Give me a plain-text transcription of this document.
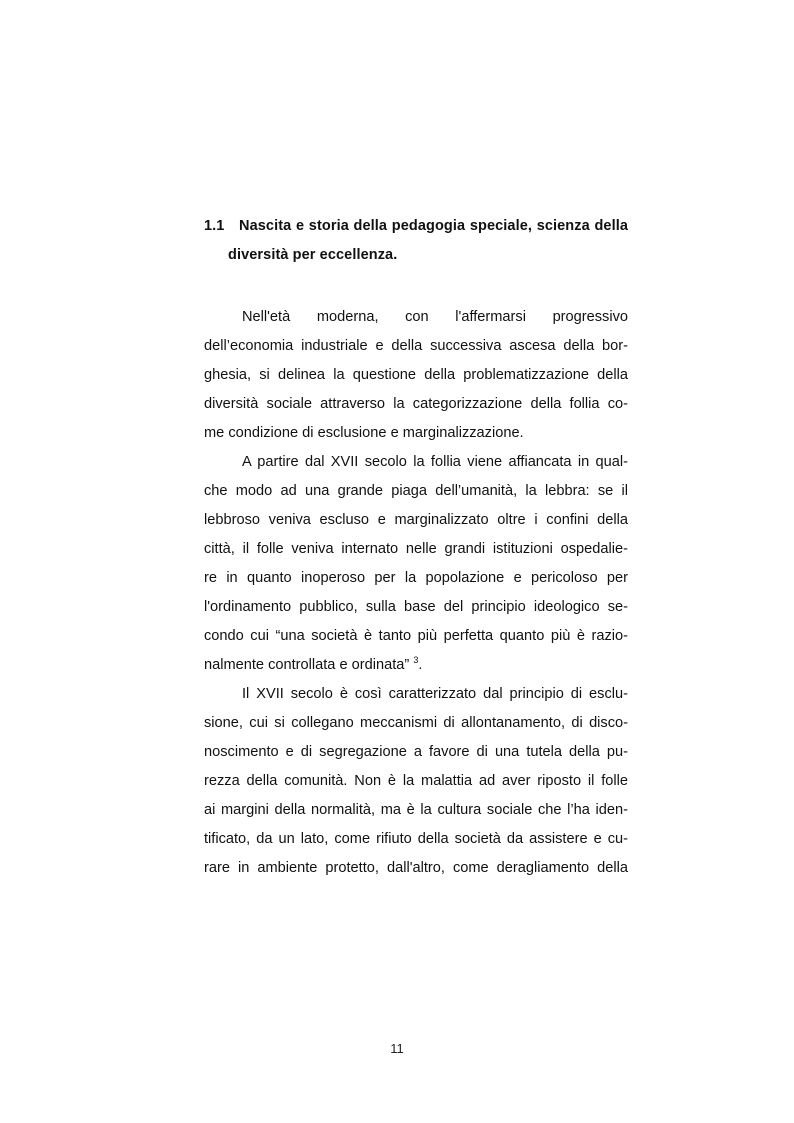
1.1 Nascita e storia della pedagogia speciale, scienza della
diversità per eccellenza.
Nell'età moderna, con l'affermarsi progressivo
dell’economia industriale e della successiva ascesa della bor-
ghesia, si delinea la questione della problematizzazione della
diversità sociale attraverso la categorizzazione della follia co-
me condizione di esclusione e marginalizzazione.
A partire dal XVII secolo la follia viene affiancata in qual-
che modo ad una grande piaga dell’umanità, la lebbra: se il
lebbroso veniva escluso e marginalizzato oltre i confini della
città, il folle veniva internato nelle grandi istituzioni ospedalie-
re in quanto inoperoso per la popolazione e pericoloso per
l'ordinamento pubblico, sulla base del principio ideologico se-
condo cui “una società è tanto più perfetta quanto più è razio-
nalmente controllata e ordinata” $^3$.
Il XVII secolo è così caratterizzato dal principio di esclu-
sione, cui si collegano meccanismi di allontanamento, di disco-
noscimento e di segregazione a favore di una tutela della pu-
rezza della comunità. Non è la malattia ad aver riposto il folle
ai margini della normalità, ma è la cultura sociale che l’ha iden-
tificato, da un lato, come rifiuto della società da assistere e cu-
rare in ambiente protetto, dall'altro, come deragliamento della
11
